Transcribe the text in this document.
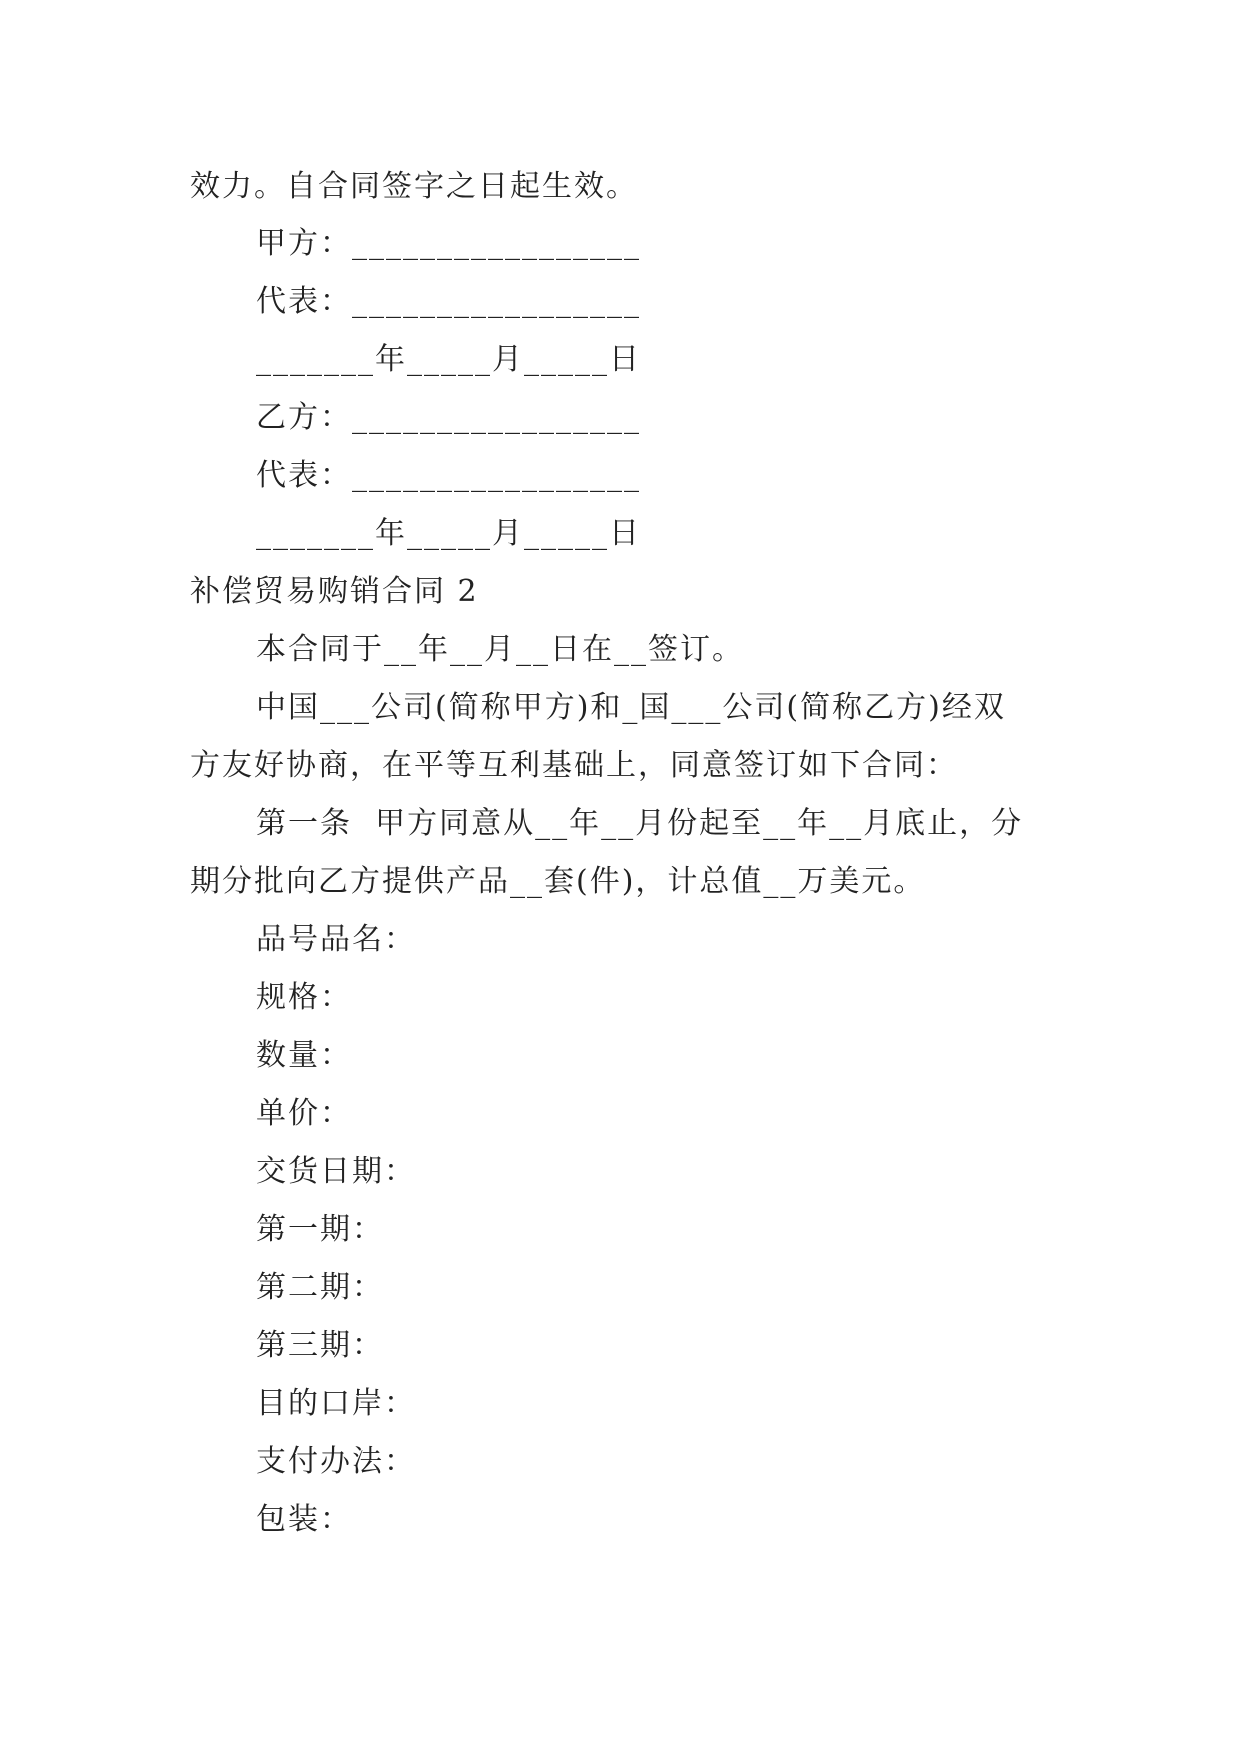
效力。自合同签字之日起生效。
甲方：_________________
代表：_________________
_______年_____月_____日
乙方：_________________
代表：_________________
_______年_____月_____日
补偿贸易购销合同 2
本合同于__年__月__日在__签订。
中国___公司(简称甲方)和_国___公司(简称乙方)经双
方友好协商，在平等互利基础上，同意签订如下合同：
第一条  甲方同意从__年__月份起至__年__月底止，分
期分批向乙方提供产品__套(件)，计总值__万美元。
品号品名：
规格：
数量：
单价：
交货日期：
第一期：
第二期：
第三期：
目的口岸：
支付办法：
包装：
